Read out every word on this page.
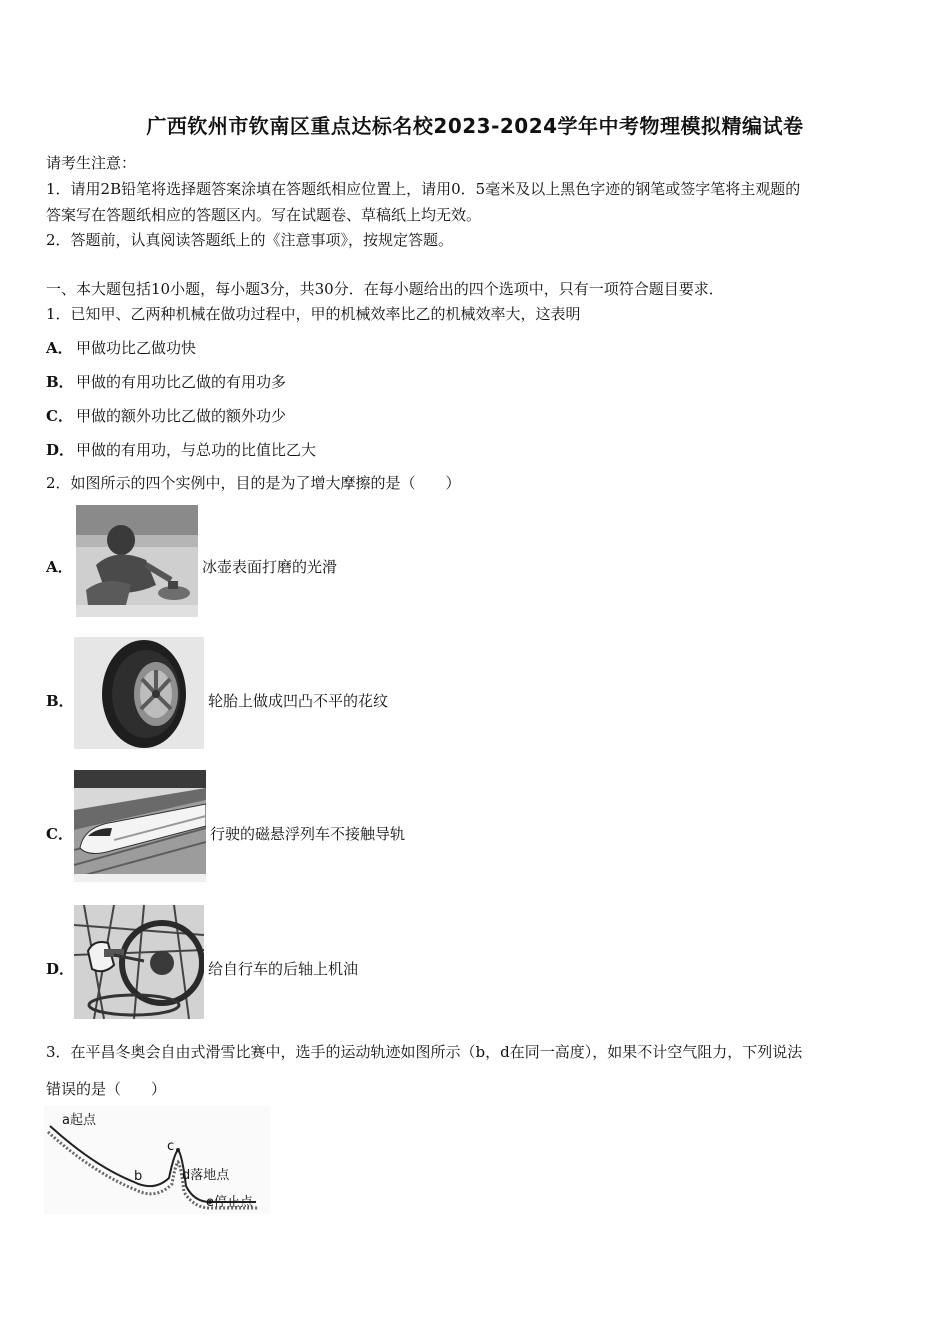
广西钦州市钦南区重点达标名校2023-2024学年中考物理模拟精编试卷
请考生注意：
1．请用2B铅笔将选择题答案涂填在答题纸相应位置上，请用0．5毫米及以上黑色字迹的钢笔或签字笔将主观题的
答案写在答题纸相应的答题区内。写在试题卷、草稿纸上均无效。
2．答题前，认真阅读答题纸上的《注意事项》，按规定答题。
一、本大题包括10小题，每小题3分，共30分．在每小题给出的四个选项中，只有一项符合题目要求．
1．已知甲、乙两种机械在做功过程中，甲的机械效率比乙的机械效率大，这表明
A． 甲做功比乙做功快
B． 甲做的有用功比乙做的有用功多
C． 甲做的额外功比乙做的额外功少
D． 甲做的有用功，与总功的比值比乙大
2．如图所示的四个实例中，目的是为了增大摩擦的是（　　）
A．	冰壶表面打磨的光滑
B．	轮胎上做成凹凸不平的花纹
C．	行驶的磁悬浮列车不接触导轨
D．	给自行车的后轴上机油
3．在平昌冬奥会自由式滑雪比赛中，选手的运动轨迹如图所示（b，d在同一高度），如果不计空气阻力，下列说法
错误的是（　　）
a起点
b
c
d落地点
e停止点
